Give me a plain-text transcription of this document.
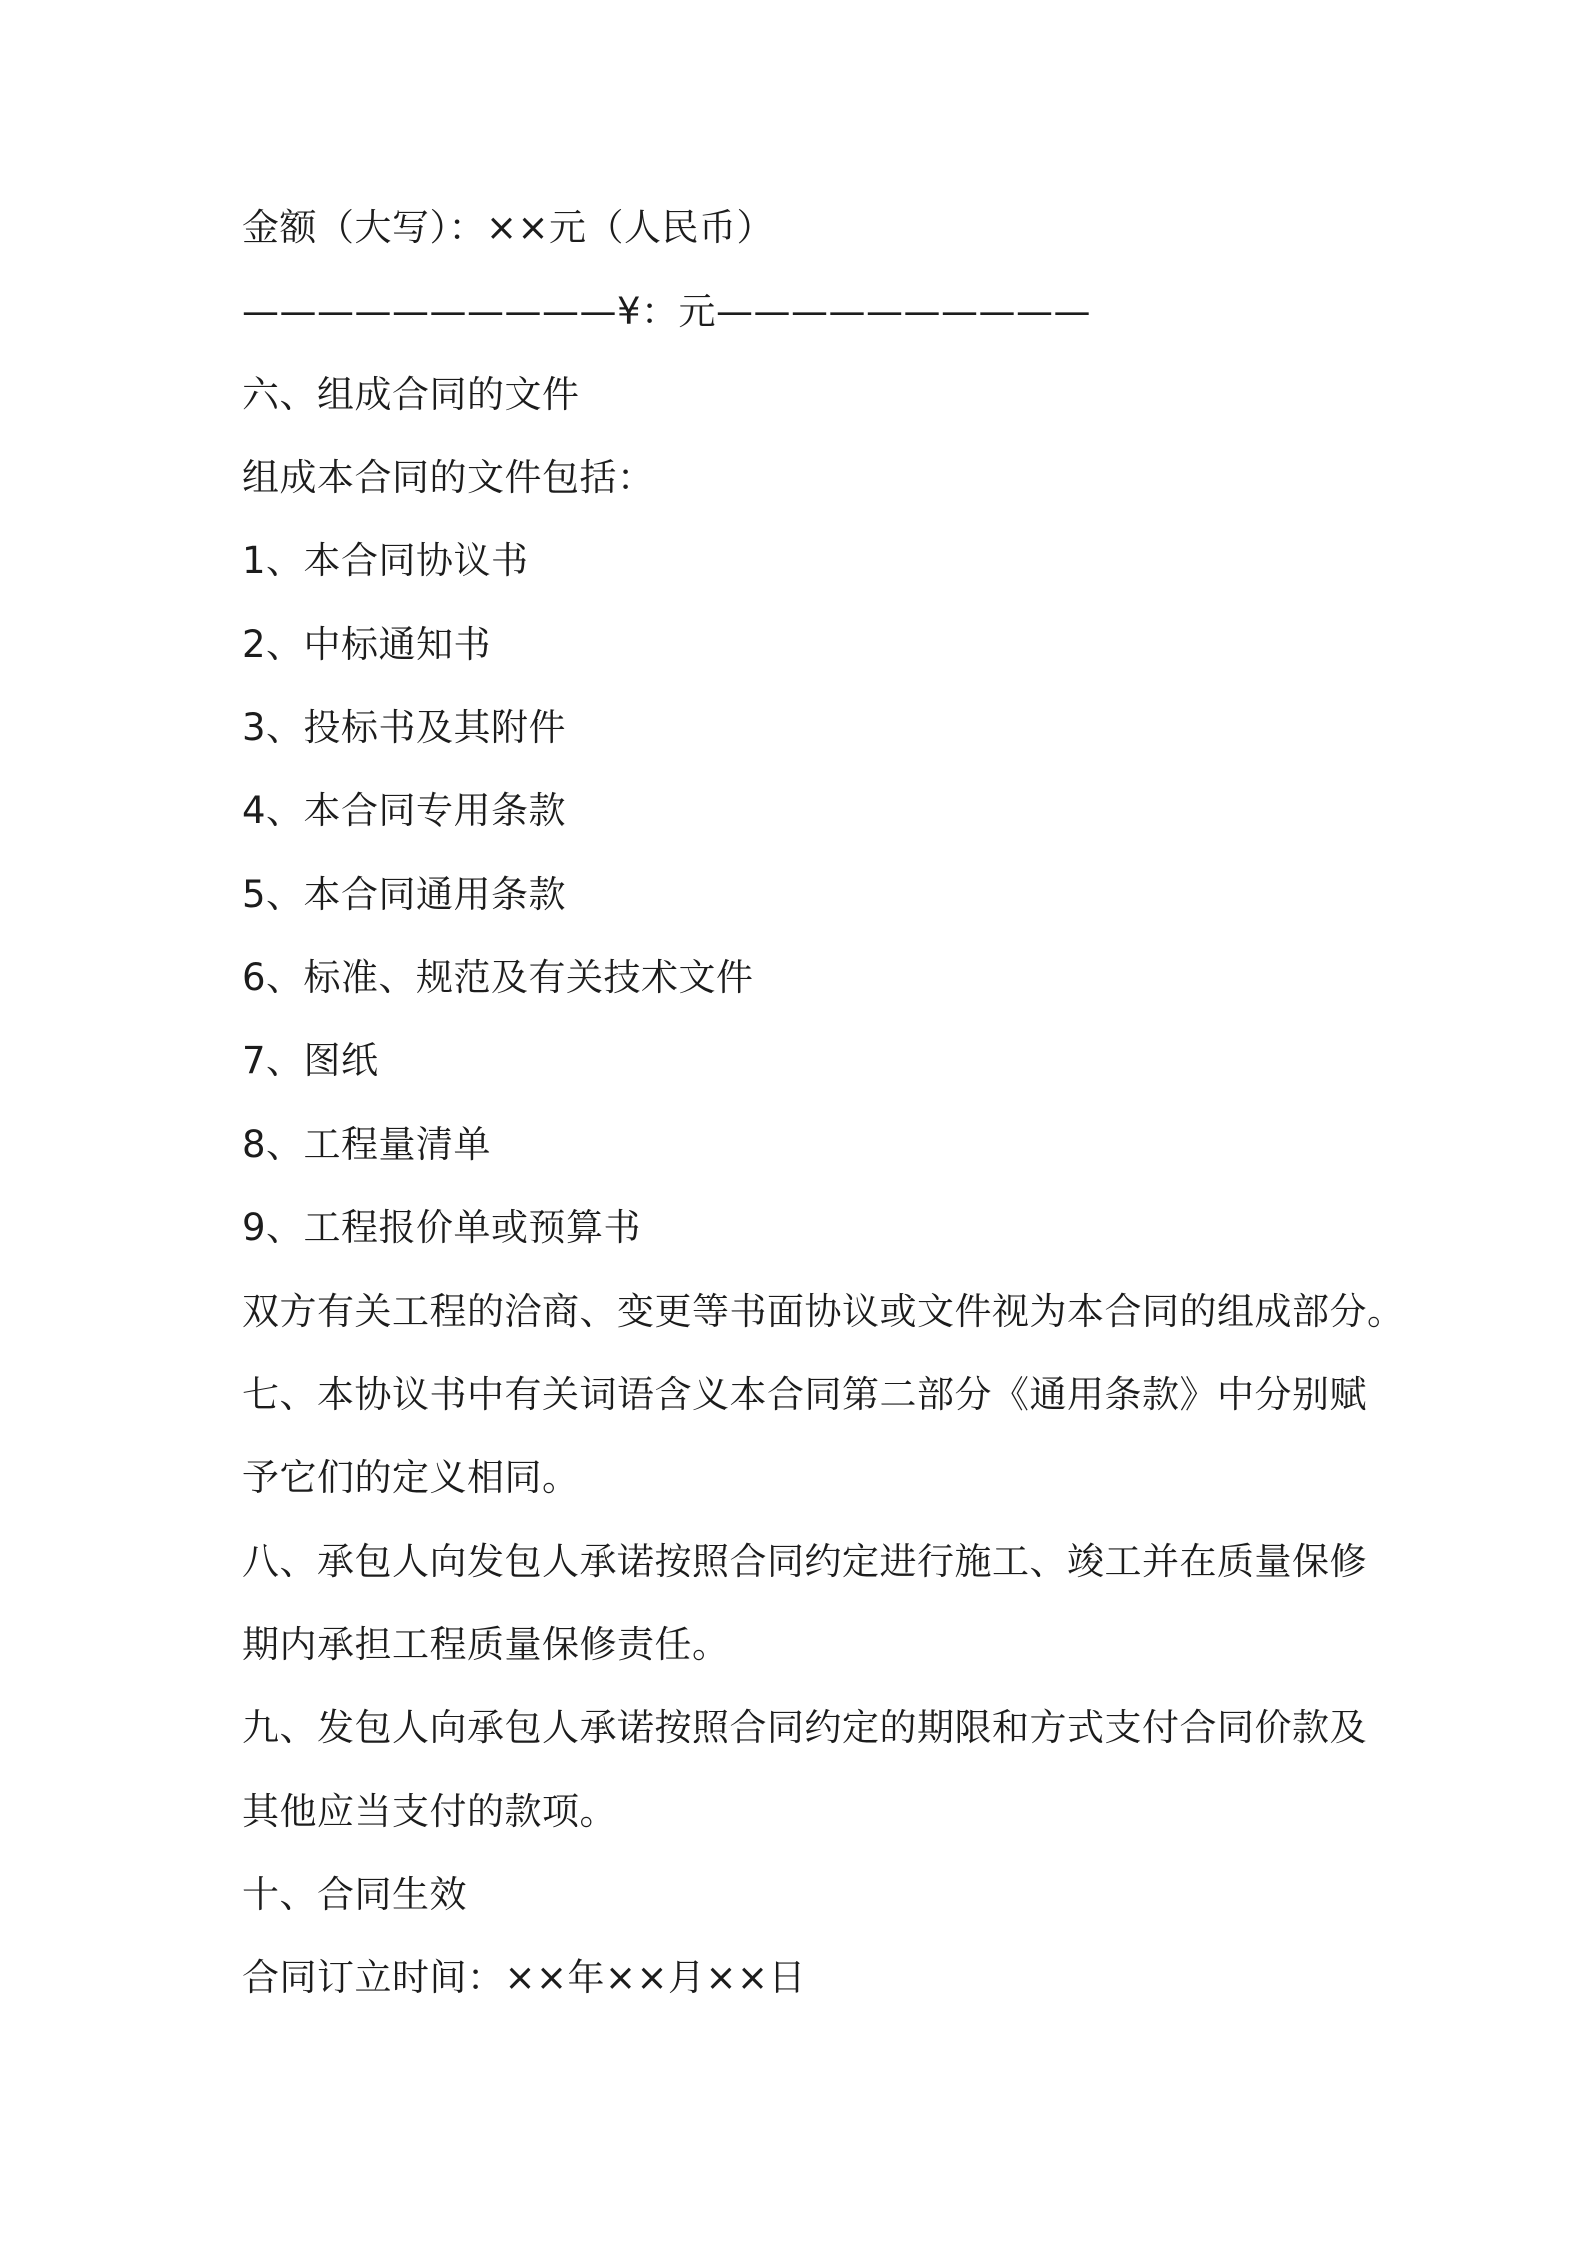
金额（大写）：××元（人民币）
——————————¥：元——————————
六、组成合同的文件
组成本合同的文件包括：
1、本合同协议书
2、中标通知书
3、投标书及其附件
4、本合同专用条款
5、本合同通用条款
6、标准、规范及有关技术文件
7、图纸
8、工程量清单
9、工程报价单或预算书
双方有关工程的洽商、变更等书面协议或文件视为本合同的组成部分。
七、本协议书中有关词语含义本合同第二部分《通用条款》中分别赋
予它们的定义相同。
八、承包人向发包人承诺按照合同约定进行施工、竣工并在质量保修
期内承担工程质量保修责任。
九、发包人向承包人承诺按照合同约定的期限和方式支付合同价款及
其他应当支付的款项。
十、合同生效
合同订立时间：××年××月××日
